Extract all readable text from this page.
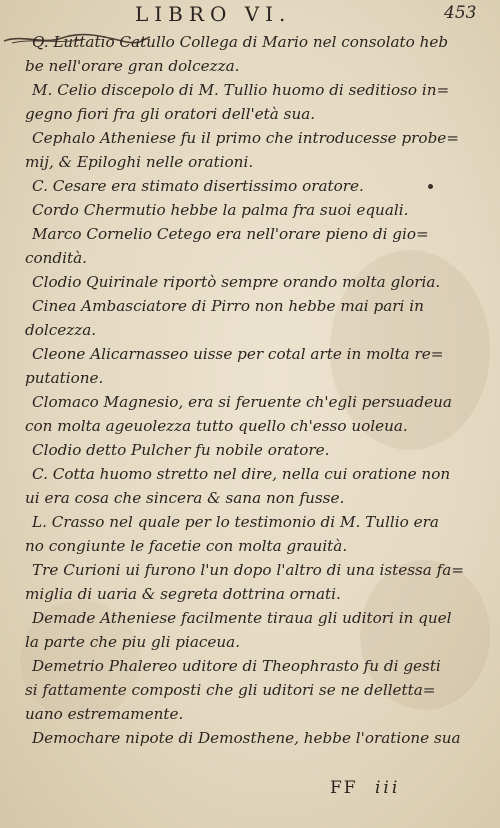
LIBRO VI.	453
Q. Luttatio Catullo Collega di Mario nel consolato heb
be nell'orare gran dolcezza.
M. Celio discepolo di M. Tullio huomo di seditioso in=
gegno fiori fra gli oratori dell'età sua.
Cephalo Atheniese fu il primo che introducesse probe=
mij, & Epiloghi nelle orationi.
C. Cesare era stimato disertissimo oratore.
Cordo Chermutio hebbe la palma fra suoi equali.
Marco Cornelio Cetego era nell'orare pieno di gio=
condità.
Clodio Quirinale riportò sempre orando molta gloria.
Cinea Ambasciatore di Pirro non hebbe mai pari in
dolcezza.
Cleone Alicarnasseo uisse per cotal arte in molta re=
putatione.
Clomaco Magnesio, era si feruente ch'egli persuadeua
con molta ageuolezza tutto quello ch'esso uoleua.
Clodio detto Pulcher fu nobile oratore.
C. Cotta huomo stretto nel dire, nella cui oratione non
ui era cosa che sincera & sana non fusse.
L. Crasso nel quale per lo testimonio di M. Tullio era
no congiunte le facetie con molta grauità.
Tre Curioni ui furono l'un dopo l'altro di una istessa fa=
miglia di uaria & segreta dottrina ornati.
Demade Atheniese facilmente tiraua gli uditori in quel
la parte che piu gli piaceua.
Demetrio Phalereo uditore di Theophrasto fu di gesti
si fattamente composti che gli uditori se ne delletta=
uano estremamente.
Demochare nipote di Demosthene, hebbe l'oratione sua
FF iii
